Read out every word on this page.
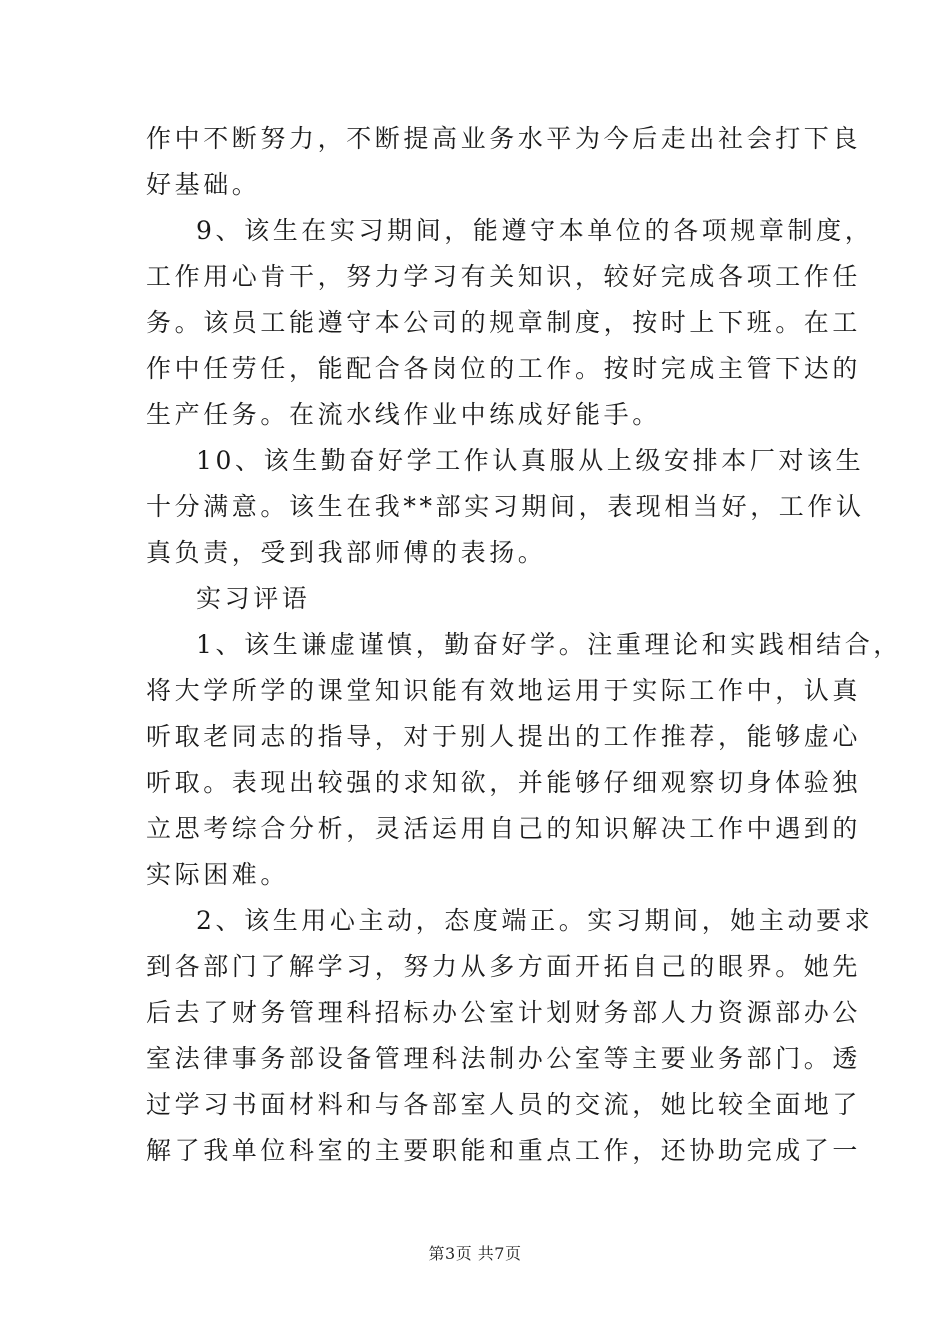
作中不断努力，不断提高业务水平为今后走出社会打下良
好基础。
9、该生在实习期间，能遵守本单位的各项规章制度，
工作用心肯干，努力学习有关知识，较好完成各项工作任
务。该员工能遵守本公司的规章制度，按时上下班。在工
作中任劳任，能配合各岗位的工作。按时完成主管下达的
生产任务。在流水线作业中练成好能手。
10、该生勤奋好学工作认真服从上级安排本厂对该生
十分满意。该生在我**部实习期间，表现相当好，工作认
真负责，受到我部师傅的表扬。
实习评语
1、该生谦虚谨慎，勤奋好学。注重理论和实践相结合，
将大学所学的课堂知识能有效地运用于实际工作中，认真
听取老同志的指导，对于别人提出的工作推荐，能够虚心
听取。表现出较强的求知欲，并能够仔细观察切身体验独
立思考综合分析，灵活运用自己的知识解决工作中遇到的
实际困难。
2、该生用心主动，态度端正。实习期间，她主动要求
到各部门了解学习，努力从多方面开拓自己的眼界。她先
后去了财务管理科招标办公室计划财务部人力资源部办公
室法律事务部设备管理科法制办公室等主要业务部门。透
过学习书面材料和与各部室人员的交流，她比较全面地了
解了我单位科室的主要职能和重点工作，还协助完成了一
第3页 共7页
